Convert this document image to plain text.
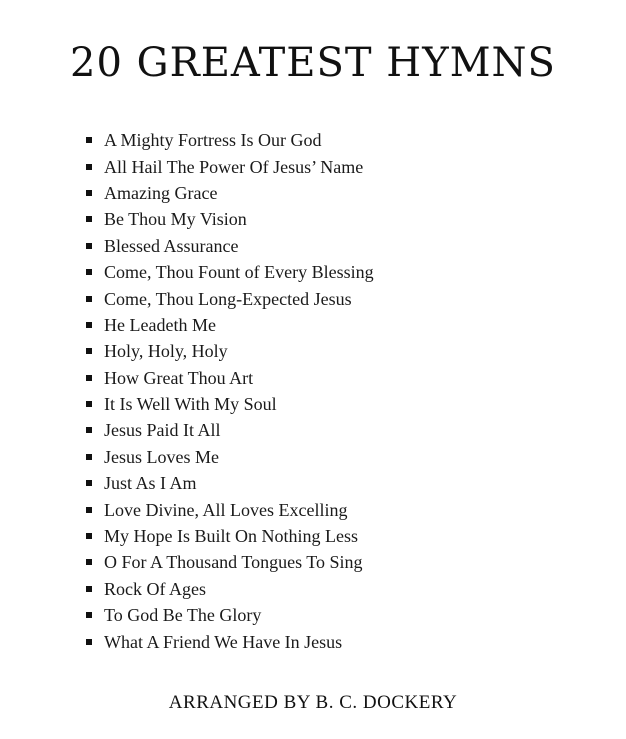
20 GREATEST HYMNS
A Mighty Fortress Is Our God
All Hail The Power Of Jesus’ Name
Amazing Grace
Be Thou My Vision
Blessed Assurance
Come, Thou Fount of Every Blessing
Come, Thou Long-Expected Jesus
He Leadeth Me
Holy, Holy, Holy
How Great Thou Art
It Is Well With My Soul
Jesus Paid It All
Jesus Loves Me
Just As I Am
Love Divine, All Loves Excelling
My Hope Is Built On Nothing Less
O For A Thousand Tongues To Sing
Rock Of Ages
To God Be The Glory
What A Friend We Have In Jesus
ARRANGED BY B. C. DOCKERY
